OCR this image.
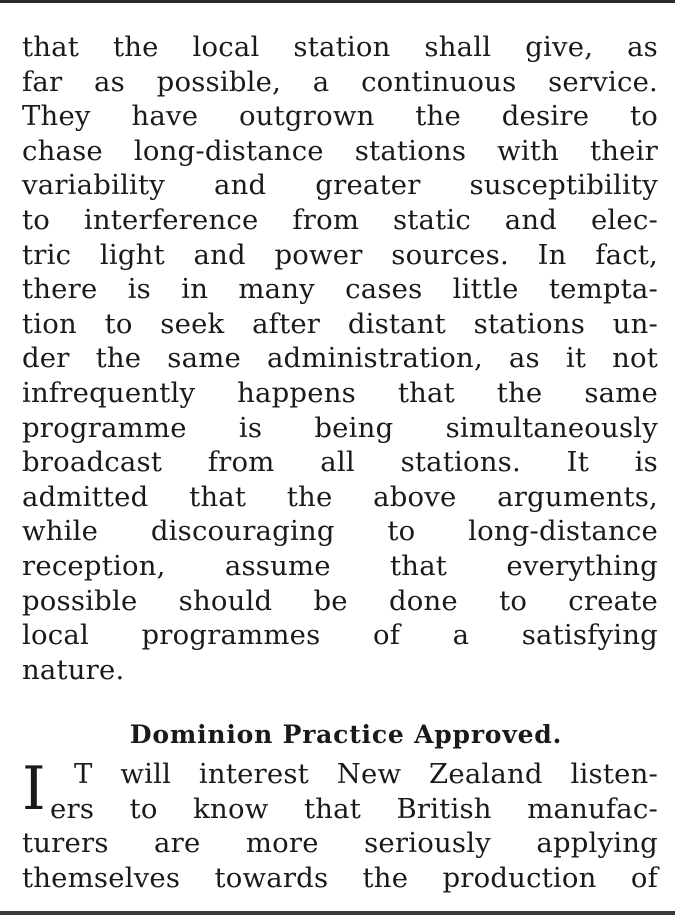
that the local station shall give, as
far as possible, a continuous service.
They have outgrown the desire to
chase long-distance stations with their
variability and greater susceptibility
to interference from static and elec-
tric light and power sources. In fact,
there is in many cases little tempta-
tion to seek after distant stations un-
der the same administration, as it not
infrequently happens that the same
programme is being simultaneously
broadcast from all stations. It is
admitted that the above arguments,
while discouraging to long-distance
reception, assume that everything
possible should be done to create
local programmes of a satisfying
nature.
Dominion Practice Approved.
I	T will interest New Zealand listen-
ers to know that British manufac-
turers are more seriously applying
themselves towards the production of
